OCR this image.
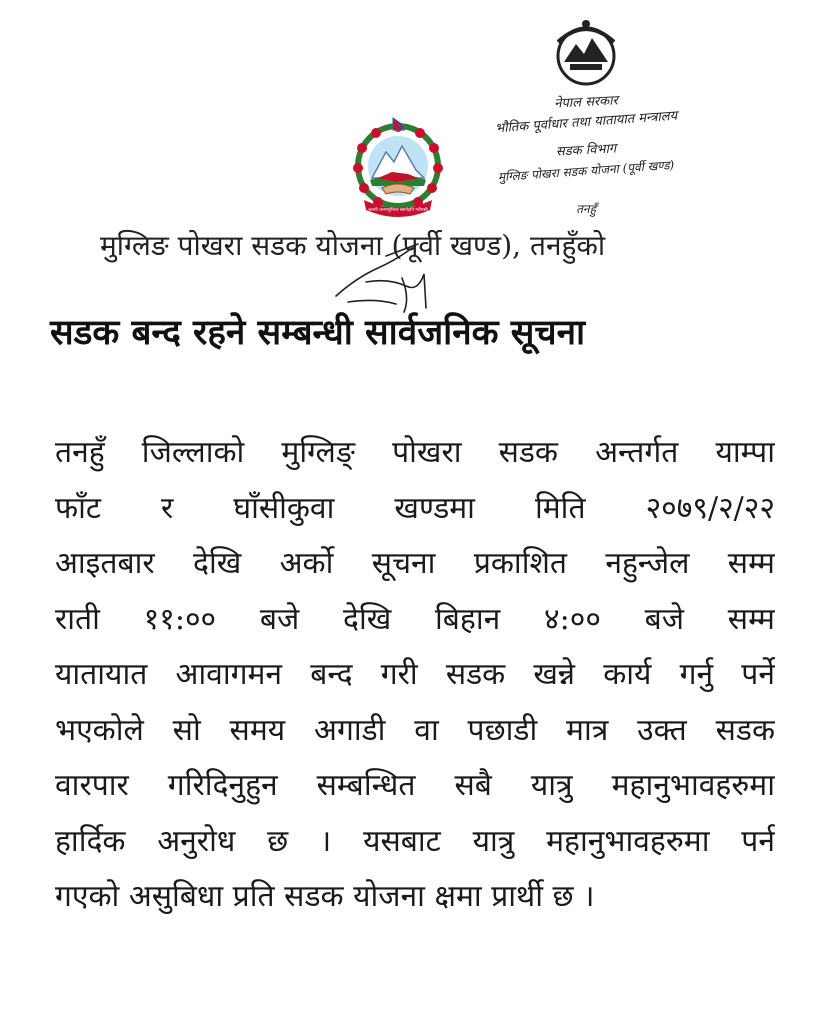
जननी जन्मभूमिश्च स्वर्गादपि गरीयसी
नेपाल सरकार
भौतिक पूर्वाधार तथा यातायात मन्त्रालय
सडक विभाग
मुग्लिङ पोखरा सडक योजना (पूर्वी खण्ड)
तनहुँ
मुग्लिङ पोखरा सडक योजना (पूर्वी खण्ड), तनहुँको
सडक बन्द रहने सम्बन्धी सार्वजनिक सूचना
तनहुँ जिल्लाको मुग्लिङ् पोखरा सडक अन्तर्गत याम्पा
फाँट र घाँसीकुवा खण्डमा मिति २०७९/२/२२
आइतबार देखि अर्को सूचना प्रकाशित नहुन्जेल सम्म
राती ११:०० बजे देखि बिहान ४:०० बजे सम्म
यातायात आवागमन बन्द गरी सडक खन्ने कार्य गर्नु पर्ने
भएकोले सो समय अगाडी वा पछाडी मात्र उक्त सडक
वारपार गरिदिनुहुन सम्बन्धित सबै यात्रु महानुभावहरुमा
हार्दिक अनुरोध छ । यसबाट यात्रु महानुभावहरुमा पर्न
गएको असुबिधा प्रति सडक योजना क्षमा प्रार्थी छ ।
